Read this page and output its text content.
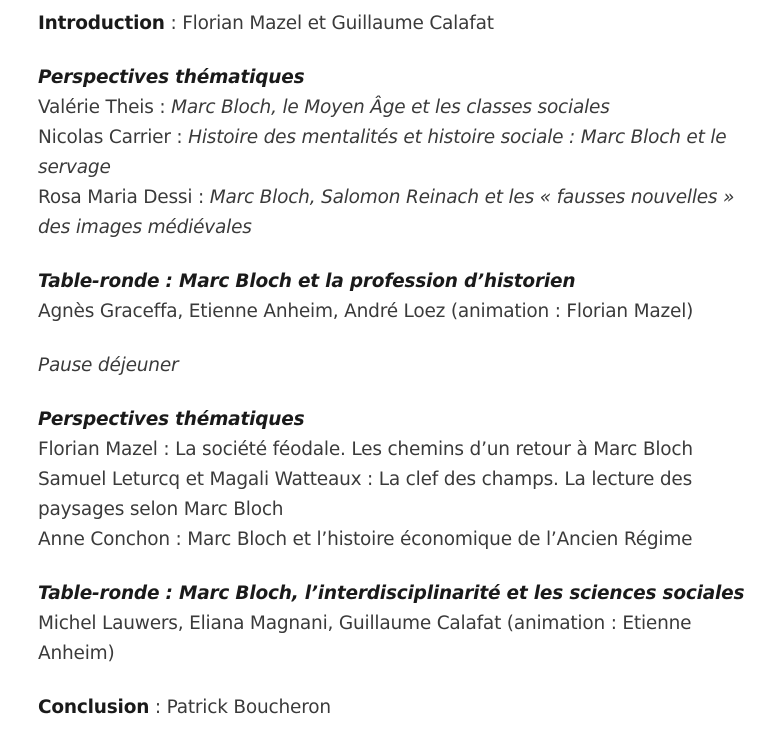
Introduction : Florian Mazel et Guillaume Calafat

Perspectives thématiques
Valérie Theis : Marc Bloch, le Moyen Âge et les classes sociales
Nicolas Carrier : Histoire des mentalités et histoire sociale : Marc Bloch et le servage
Rosa Maria Dessi : Marc Bloch, Salomon Reinach et les « fausses nouvelles » des images médiévales
Table-ronde : Marc Bloch et la profession d’historien
Agnès Graceffa, Etienne Anheim, André Loez (animation : Florian Mazel)

Pause déjeuner

Perspectives thématiques
Florian Mazel : La société féodale. Les chemins d’un retour à Marc Bloch
Samuel Leturcq et Magali Watteaux : La clef des champs. La lecture des paysages selon Marc Bloch
Anne Conchon : Marc Bloch et l’histoire économique de l’Ancien Régime
Table-ronde : Marc Bloch, l’interdisciplinarité et les sciences sociales
Michel Lauwers, Eliana Magnani, Guillaume Calafat (animation : Etienne Anheim)

Conclusion : Patrick Boucheron
